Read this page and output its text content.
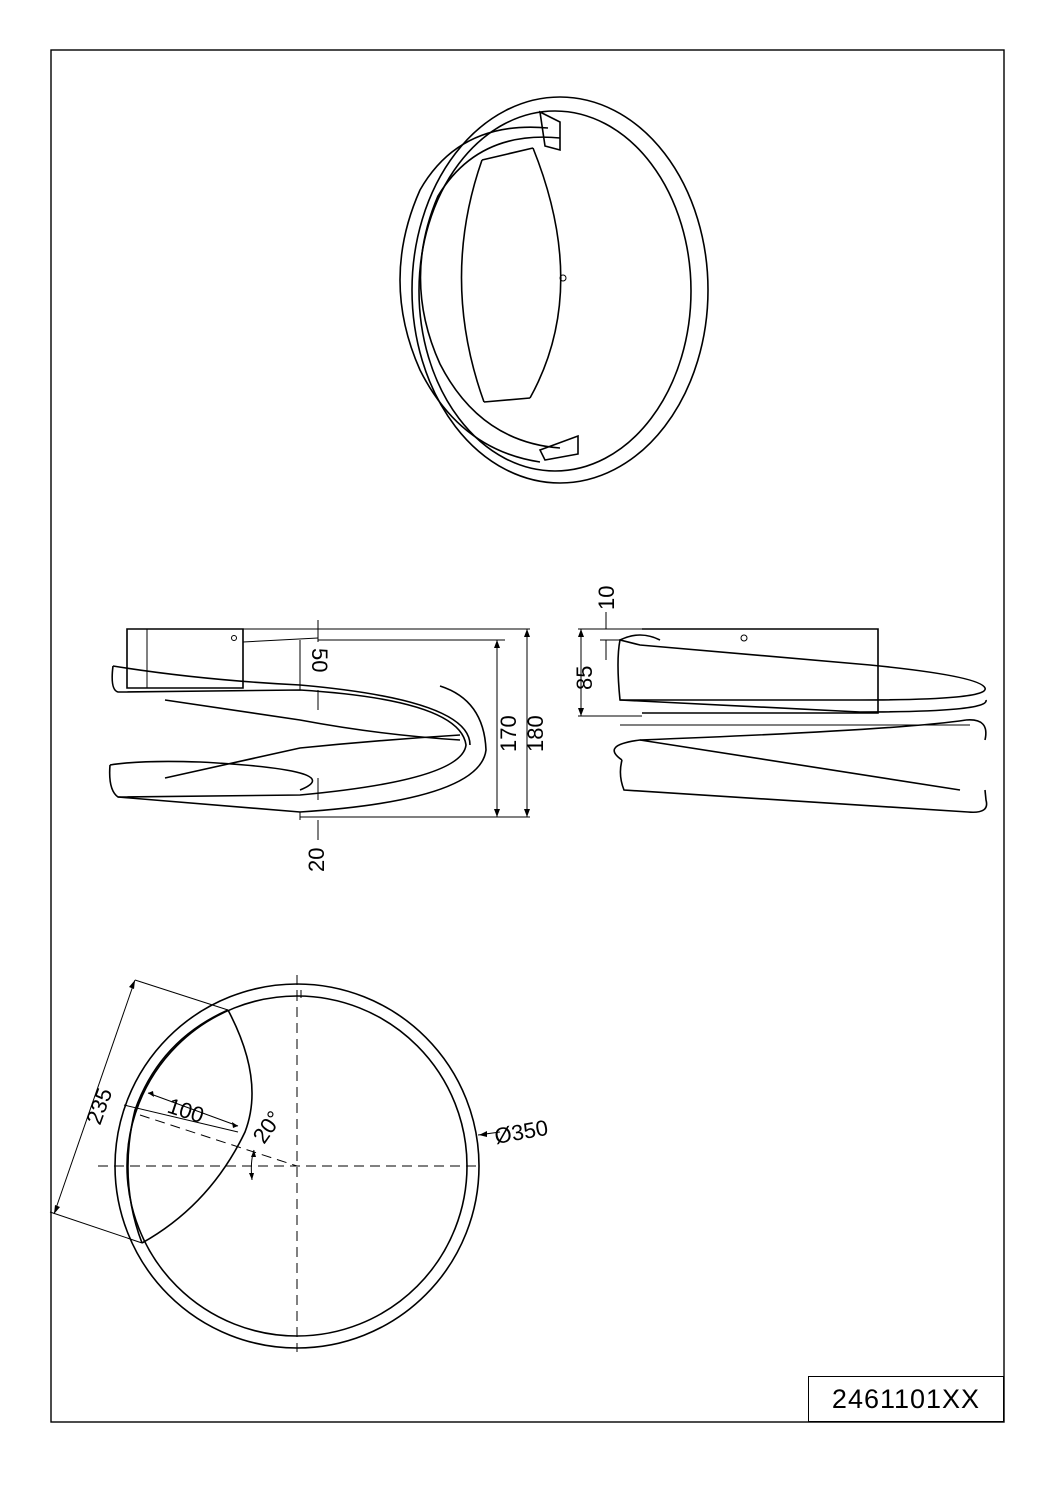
50
20
170 180
10
85
235 100 20°	Ø350
2461101XX
